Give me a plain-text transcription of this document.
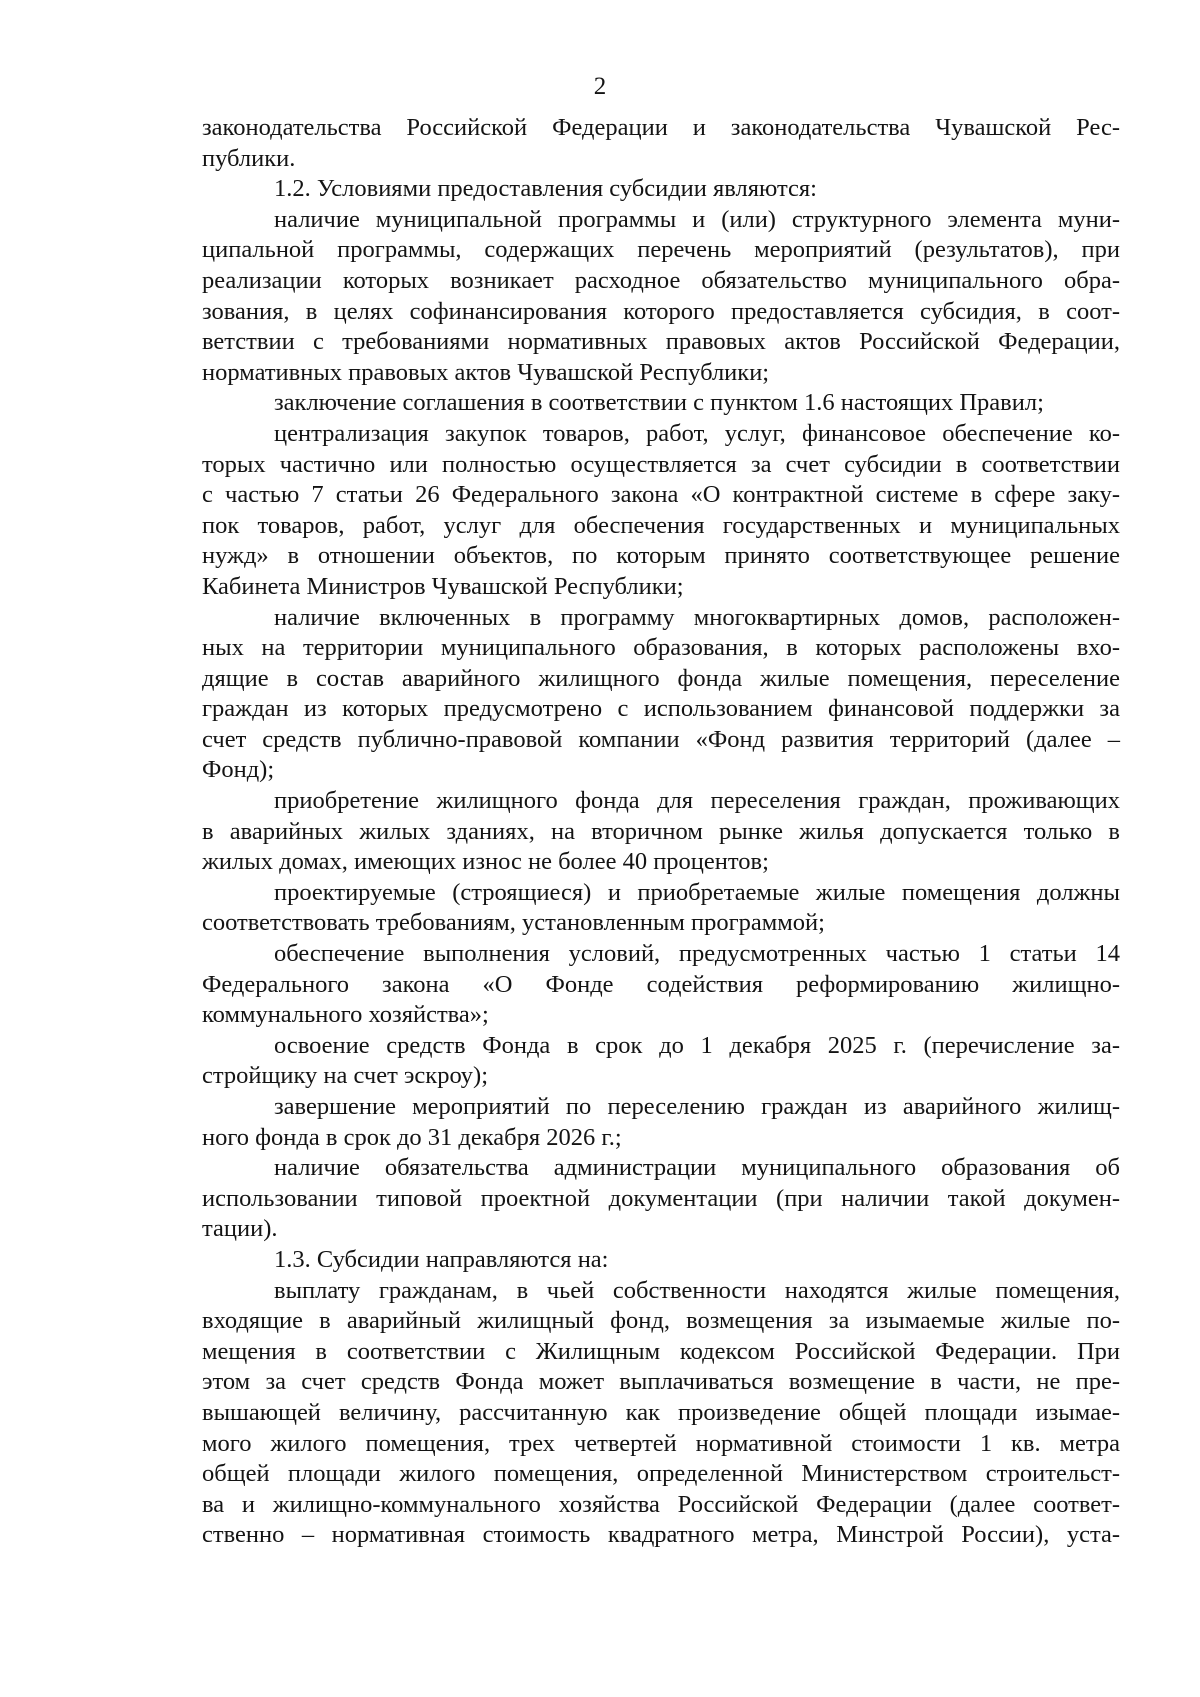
2
законодательства Российской Федерации и законодательства Чувашской Рес-
публики.
1.2. Условиями предоставления субсидии являются:
наличие муниципальной программы и (или) структурного элемента муни-
ципальной программы, содержащих перечень мероприятий (результатов), при
реализации которых возникает расходное обязательство муниципального обра-
зования, в целях софинансирования которого предоставляется субсидия, в соот-
ветствии с требованиями нормативных правовых актов Российской Федерации,
нормативных правовых актов Чувашской Республики;
заключение соглашения в соответствии с пунктом 1.6 настоящих Правил;
централизация закупок товаров, работ, услуг, финансовое обеспечение ко-
торых частично или полностью осуществляется за счет субсидии в соответствии
с частью 7 статьи 26 Федерального закона «О контрактной системе в сфере заку-
пок товаров, работ, услуг для обеспечения государственных и муниципальных
нужд» в отношении объектов, по которым принято соответствующее решение
Кабинета Министров Чувашской Республики;
наличие включенных в программу многоквартирных домов, расположен-
ных на территории муниципального образования, в которых расположены вхо-
дящие в состав аварийного жилищного фонда жилые помещения, переселение
граждан из которых предусмотрено с использованием финансовой поддержки за
счет средств публично-правовой компании «Фонд развития территорий (далее –
Фонд);
приобретение жилищного фонда для переселения граждан, проживающих
в аварийных жилых зданиях, на вторичном рынке жилья допускается только в
жилых домах, имеющих износ не более 40 процентов;
проектируемые (строящиеся) и приобретаемые жилые помещения должны
соответствовать требованиям, установленным программой;
обеспечение выполнения условий, предусмотренных частью 1 статьи 14
Федерального закона «О Фонде содействия реформированию жилищно-
коммунального хозяйства»;
освоение средств Фонда в срок до 1 декабря 2025 г. (перечисление за-
стройщику на счет эскроу);
завершение мероприятий по переселению граждан из аварийного жилищ-
ного фонда в срок до 31 декабря 2026 г.;
наличие обязательства администрации муниципального образования об
использовании типовой проектной документации (при наличии такой докумен-
тации).
1.3. Субсидии направляются на:
выплату гражданам, в чьей собственности находятся жилые помещения,
входящие в аварийный жилищный фонд, возмещения за изымаемые жилые по-
мещения в соответствии с Жилищным кодексом Российской Федерации. При
этом за счет средств Фонда может выплачиваться возмещение в части, не пре-
вышающей величину, рассчитанную как произведение общей площади изымае-
мого жилого помещения, трех четвертей нормативной стоимости 1 кв. метра
общей площади жилого помещения, определенной Министерством строительст-
ва и жилищно-коммунального хозяйства Российской Федерации (далее соответ-
ственно – нормативная стоимость квадратного метра, Минстрой России), уста-
